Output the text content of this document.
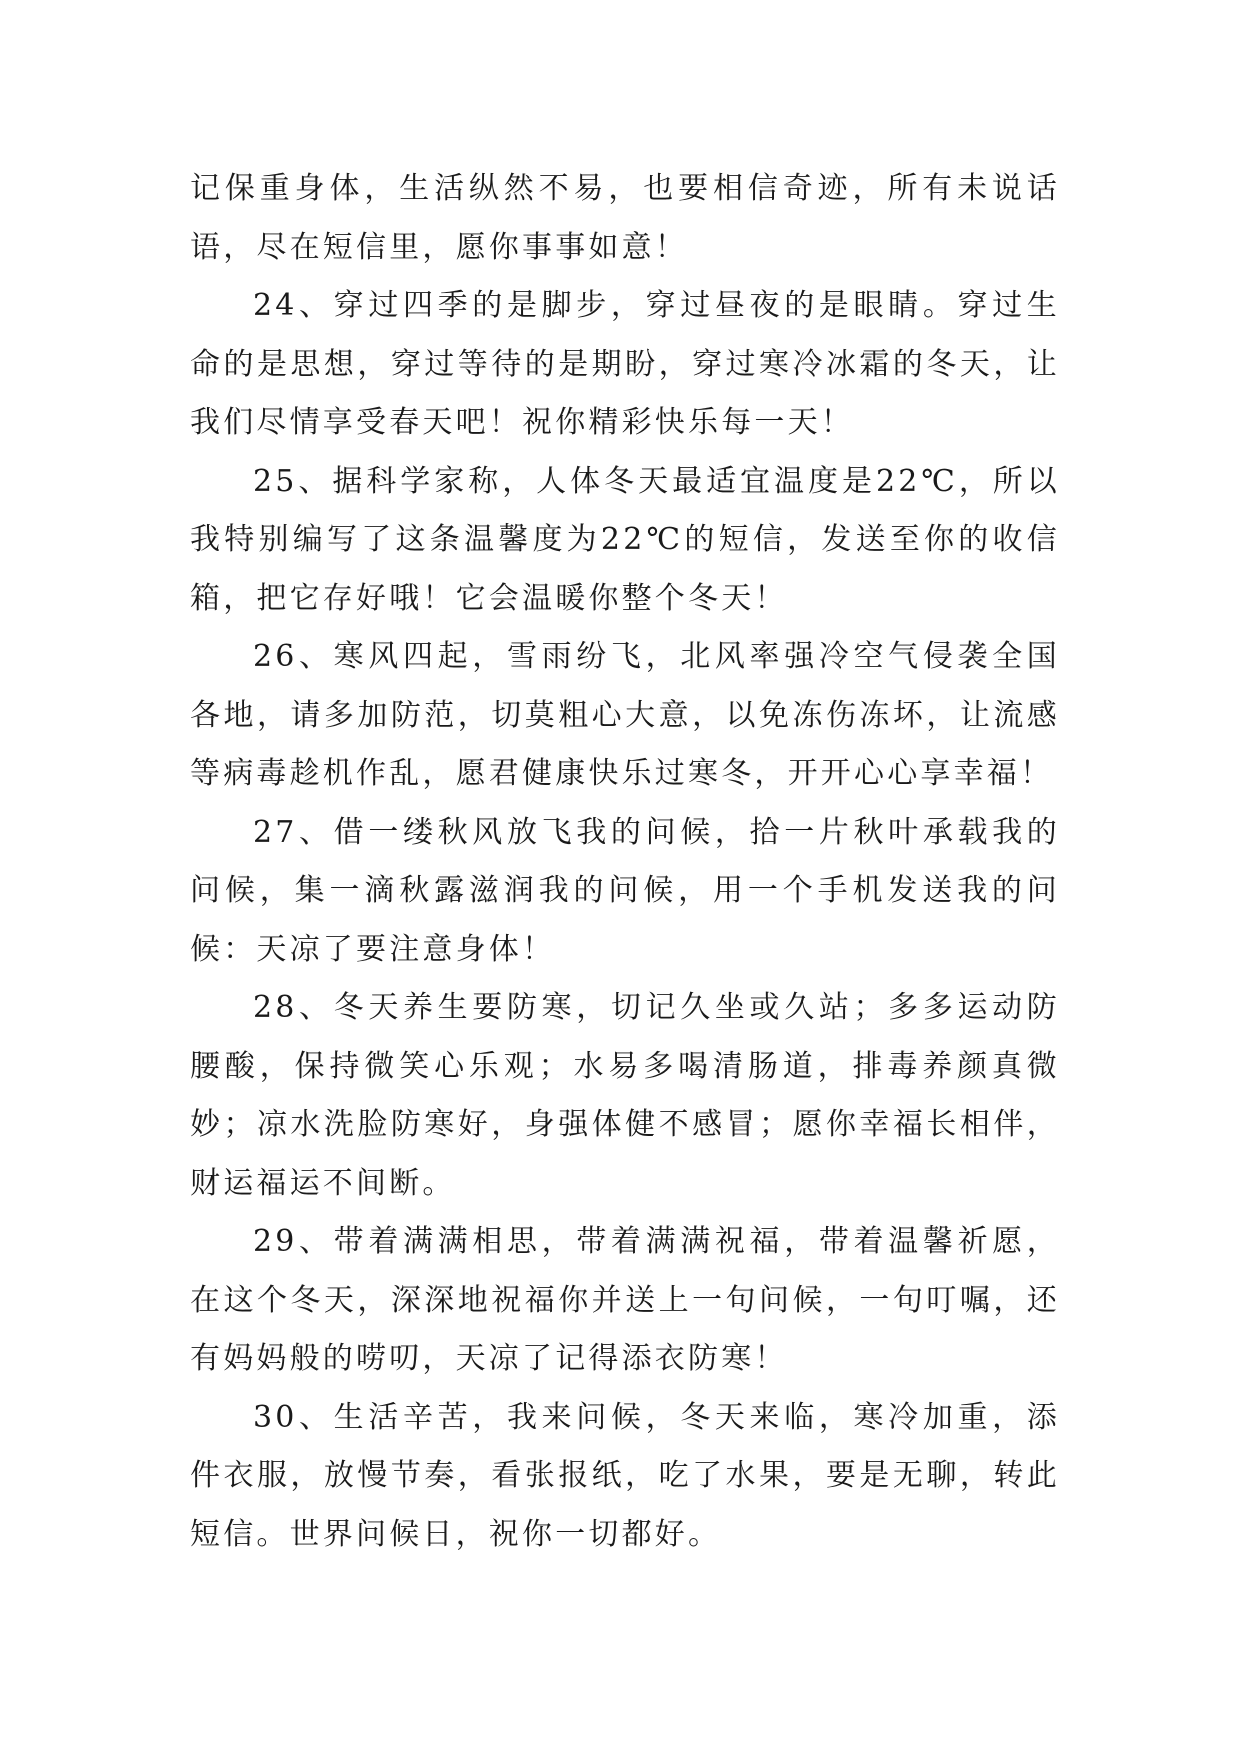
记保重身体，生活纵然不易，也要相信奇迹，所有未说话语，尽在短信里，愿你事事如意！

24、穿过四季的是脚步，穿过昼夜的是眼睛。穿过生命的是思想，穿过等待的是期盼，穿过寒冷冰霜的冬天，让我们尽情享受春天吧！祝你精彩快乐每一天！

25、据科学家称，人体冬天最适宜温度是22℃，所以我特别编写了这条温馨度为22℃的短信，发送至你的收信箱，把它存好哦！它会温暖你整个冬天！

26、寒风四起，雪雨纷飞，北风率强冷空气侵袭全国各地，请多加防范，切莫粗心大意，以免冻伤冻坏，让流感等病毒趁机作乱，愿君健康快乐过寒冬，开开心心享幸福！

27、借一缕秋风放飞我的问候，拾一片秋叶承载我的问候，集一滴秋露滋润我的问候，用一个手机发送我的问候：天凉了要注意身体！

28、冬天养生要防寒，切记久坐或久站；多多运动防腰酸，保持微笑心乐观；水易多喝清肠道，排毒养颜真微妙；凉水洗脸防寒好，身强体健不感冒；愿你幸福长相伴，财运福运不间断。

29、带着满满相思，带着满满祝福，带着温馨祈愿，在这个冬天，深深地祝福你并送上一句问候，一句叮嘱，还有妈妈般的唠叨，天凉了记得添衣防寒！

30、生活辛苦，我来问候，冬天来临，寒冷加重，添件衣服，放慢节奏，看张报纸，吃了水果，要是无聊，转此短信。世界问候日，祝你一切都好。
